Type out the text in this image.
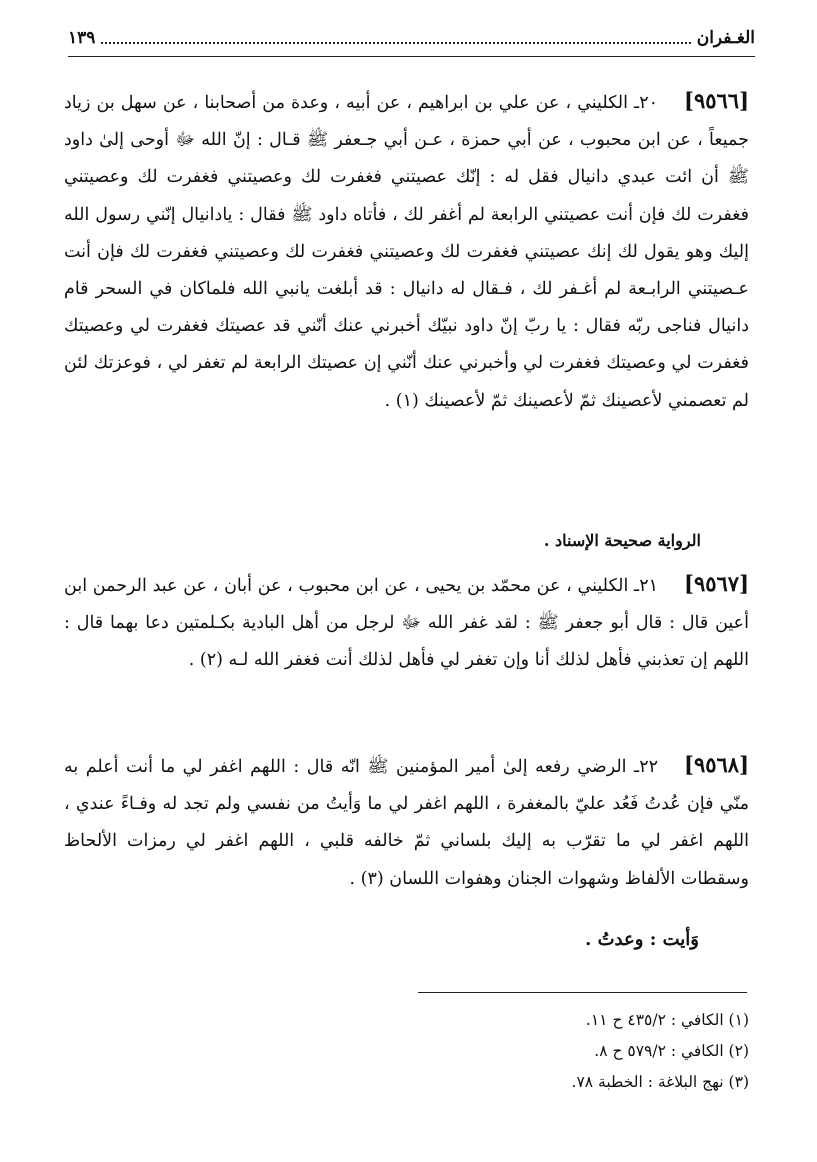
الغـفران
١٣٩
[٩٥٦٦]٢٠ـ الكليني ، عن علي بن ابراهيم ، عن أبيه ، وعدة من أصحابنا ، عن سهل بن زياد جميعاً ، عن ابن محبوب ، عن أبي حمزة ، عـن أبي جـعفر ﷺ قـال : إنّ الله ﷻ أوحى إلىٰ داود ﷺ أن ائت عبدي دانيال فقل له : إنّك عصيتني فغفرت لك وعصيتني فغفرت لك وعصيتني فغفرت لك فإن أنت عصيتني الرابعة لم أغفر لك ، فأتاه داود ﷺ فقال : يادانيال إنّني رسول الله إليك وهو يقول لك إنك عصيتني فغفرت لك وعصيتني فغفرت لك وعصيتني فغفرت لك فإن أنت عـصيتني الرابـعة لم أغـفر لك ، فـقال له دانيال : قد أبلغت يانبي الله فلماكان في السحر قام دانيال فناجى ربّه فقال : يا ربّ إنّ داود نبيّك أخبرني عنك أنّني قد عصيتك فغفرت لي وعصيتك فغفرت لي وعصيتك فغفرت لي وأخبرني عنك أنّني إن عصيتك الرابعة لم تغفر لي ، فوعزتك لئن لم تعصمني لأعصينك ثمّ لأعصينك ثمّ لأعصينك (١) .
الرواية صحيحة الإسناد .
[٩٥٦٧]٢١ـ الكليني ، عن محمّد بن يحيى ، عن ابن محبوب ، عن أبان ، عن عبد الرحمن ابن أعين قال : قال أبو جعفر ﷺ : لقد غفر الله ﷻ لرجل من أهل البادية بكـلمتين دعا بهما قال : اللهم إن تعذبني فأهل لذلك أنا وإن تغفر لي فأهل لذلك أنت فغفر الله لـه (٢) .
[٩٥٦٨]٢٢ـ الرضي رفعه إلىٰ أمير المؤمنين ﷺ انّه قال : اللهم اغفر لي ما أنت أعلم به منّي فإن عُدتُ فَعُد عليّ بالمغفرة ، اللهم اغفر لي ما وَأيتُ من نفسي ولم تجد له وفـاءً عندي ، اللهم اغفر لي ما تقرّب به إليك بلساني ثمّ خالفه قلبي ، اللهم اغفر لي رمزات الألحاظ وسقطات الألفاظ وشهوات الجنان وهفوات اللسان (٣) .
وَأيت : وعدتُ .
(١) الكافي : ٤٣٥/٢ ح ١١.
(٢) الكافي : ٥٧٩/٢ ح ٨.
(٣) نهج البلاغة : الخطبة ٧٨.
